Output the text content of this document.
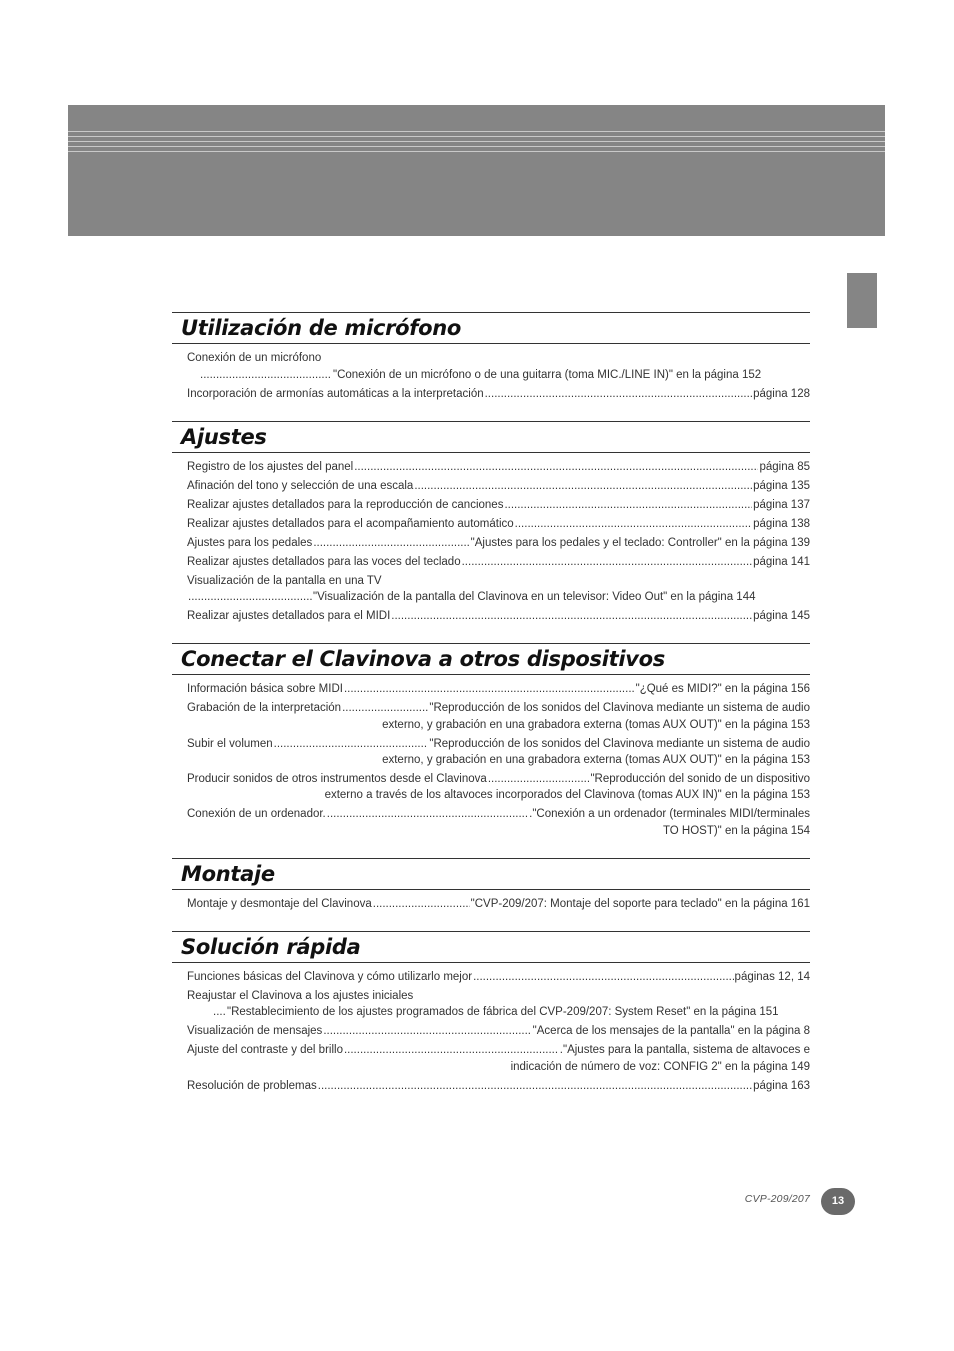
Utilización de micrófono
Conexión de un micrófono
.....
"Conexión de un micrófono o de una guitarra (toma MIC./LINE IN)" en la página 152
Incorporación de armonías automáticas a la interpretación .....	página 128
Ajustes
Registro de los ajustes del panel .....	página 85
Afinación del tono y selección de una escala .....	página 135
Realizar ajustes detallados para la reproducción de canciones .....	página 137
Realizar ajustes detallados para el acompañamiento automático .....	página 138
Ajustes para los pedales .....	"Ajustes para los pedales y el teclado: Controller" en la página 139
Realizar ajustes detallados para las voces del teclado .....	página 141
Visualización de la pantalla en una TV
.....
"Visualización de la pantalla del Clavinova en un televisor: Video Out" en la página 144
Realizar ajustes detallados para el MIDI .....	página 145
Conectar el Clavinova a otros dispositivos
Información básica sobre MIDI .....	"¿Qué es MIDI?" en la página 156
Grabación de la interpretación .....	"Reproducción de los sonidos del Clavinova mediante un sistema de audio
externo, y grabación en una grabadora externa (tomas AUX OUT)" en la página 153
Subir el volumen .....	"Reproducción de los sonidos del Clavinova mediante un sistema de audio
externo, y grabación en una grabadora externa (tomas AUX OUT)" en la página 153
Producir sonidos de otros instrumentos desde el Clavinova .....	"Reproducción del sonido de un dispositivo
externo a través de los altavoces incorporados del Clavinova (tomas AUX IN)" en la página 153
Conexión de un ordenador. .....	."Conexión a un ordenador (terminales MIDI/terminales
TO HOST)" en la página 154
Montaje
Montaje y desmontaje del Clavinova .....	"CVP-209/207: Montaje del soporte para teclado" en la página 161
Solución rápida
Funciones básicas del Clavinova y cómo utilizarlo mejor .....	páginas 12, 14
Reajustar el Clavinova a los ajustes iniciales
.....
"Restablecimiento de los ajustes programados de fábrica del CVP-209/207: System Reset" en la página 151
Visualización de mensajes .....	"Acerca de los mensajes de la pantalla" en la página 8
Ajuste del contraste y del brillo .....	."Ajustes para la pantalla, sistema de altavoces e
indicación de número de voz: CONFIG 2" en la página 149
Resolución de problemas .....	página 163
CVP-209/207	13
